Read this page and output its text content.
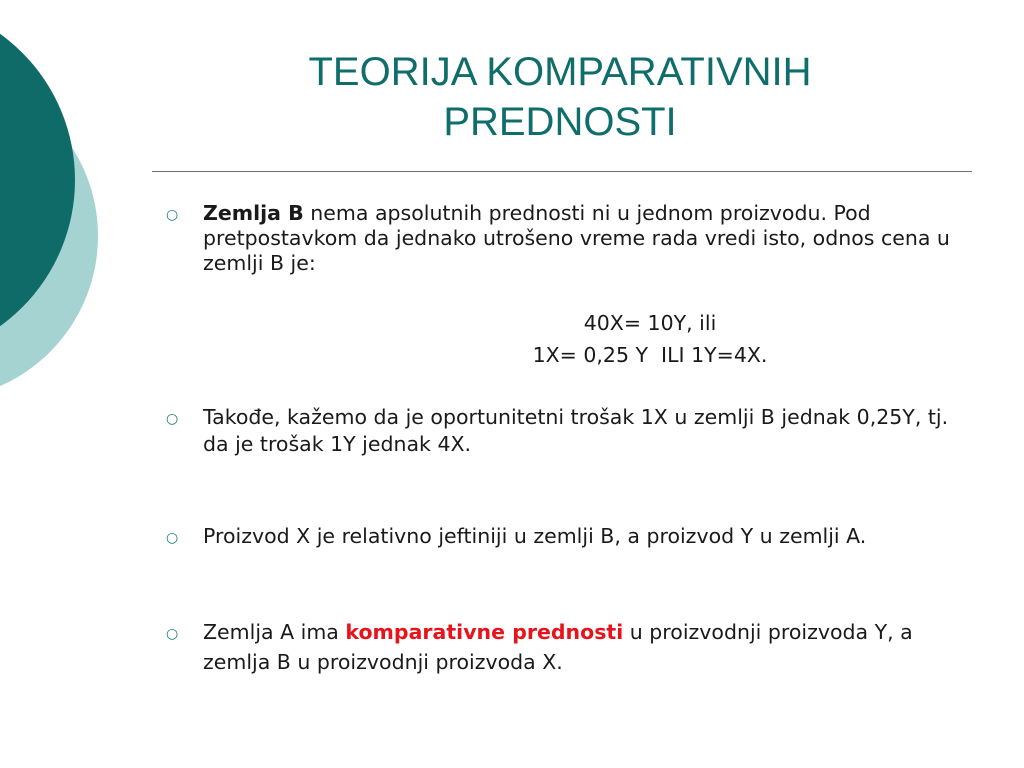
TEORIJA KOMPARATIVNIH
PREDNOSTI
○ Zemlja B nema apsolutnih prednosti ni u jednom proizvodu. Pod pretpostavkom da jednako utrošeno vreme rada vredi isto, odnos cena u zemlji B je:

40X= 10Y, ili
1X= 0,25 Y  ILI 1Y=4X.
○ Takođe, kažemo da je oportunitetni trošak 1X u zemlji B jednak 0,25Y, tj. da je trošak 1Y jednak 4X.

○ Proizvod X je relativno jeftiniji u zemlji B, a proizvod Y u zemlji A.

○ Zemlja A ima komparativne prednosti u proizvodnji proizvoda Y, a zemlja B u proizvodnji proizvoda X.
